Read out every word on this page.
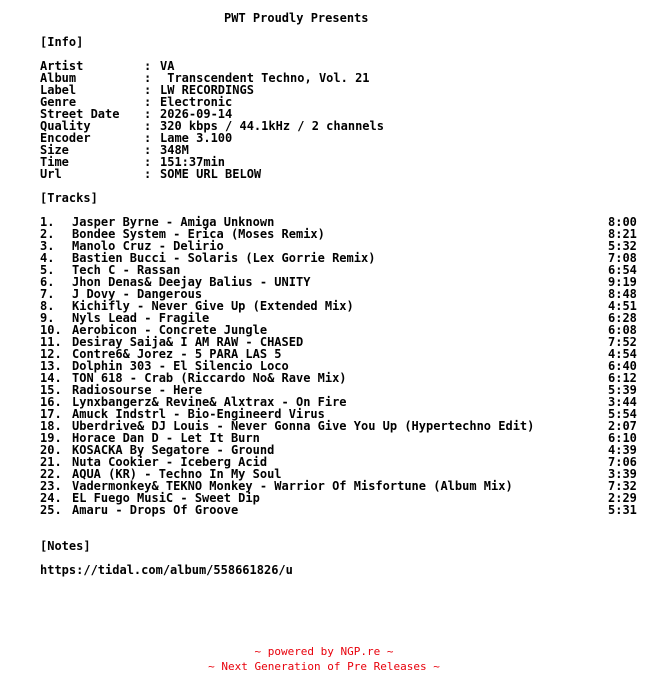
PWT Proudly Presents
[Info]
Artist	: VA
Album	: Transcendent Techno, Vol. 21
Label	: LW RECORDINGS
Genre	: Electronic
Street Date : 2026-09-14
Quality	: 320 kbps / 44.1kHz / 2 channels
Encoder	: Lame 3.100
Size	: 348M
Time	: 151:37min
Url	: SOME URL BELOW
[Tracks]
1. Jasper Byrne - Amiga Unknown	8:00
2. Bondee System - Erica (Moses Remix)	8:21
3. Manolo Cruz - Delirio	5:32
4. Bastien Bucci - Solaris (Lex Gorrie Remix)	7:08
5. Tech C - Rassan	6:54
6. Jhon Denas& Deejay Balius - UNITY	9:19
7. J Dovy - Dangerous	8:48
8. Kichifly - Never Give Up (Extended Mix)	4:51
9. Nyls Lead - Fragile	6:28
10. Aerobicon - Concrete Jungle	6:08
11. Desiray Saija& I AM RAW - CHASED	7:52
12. Contre6& Jorez - 5 PARA LAS 5	4:54
13. Dolphin 303 - El Silencio Loco	6:40
14. TON 618 - Crab (Riccardo No& Rave Mix)	6:12
15. Radiosourse - Here	5:39
16. Lynxbangerz& Revine& Alxtrax - On Fire	3:44
17. Amuck Indstrl - Bio-Engineerd Virus	5:54
18. Uberdrive& DJ Louis - Never Gonna Give You Up (Hypertechno Edit)	2:07
19. Horace Dan D - Let It Burn	6:10
20. KOSACKA By Segatore - Ground	4:39
21. Nuta Cookier - Iceberg Acid	7:06
22. AQUA (KR) - Techno In My Soul	3:39
23. Vadermonkey& TEKNO Monkey - Warrior Of Misfortune (Album Mix)	7:32
24. EL Fuego MusiC - Sweet Dip	2:29
25. Amaru - Drops Of Groove	5:31
[Notes]
https://tidal.com/album/558661826/u
~ powered by NGP.re ~
~ Next Generation of Pre Releases ~
